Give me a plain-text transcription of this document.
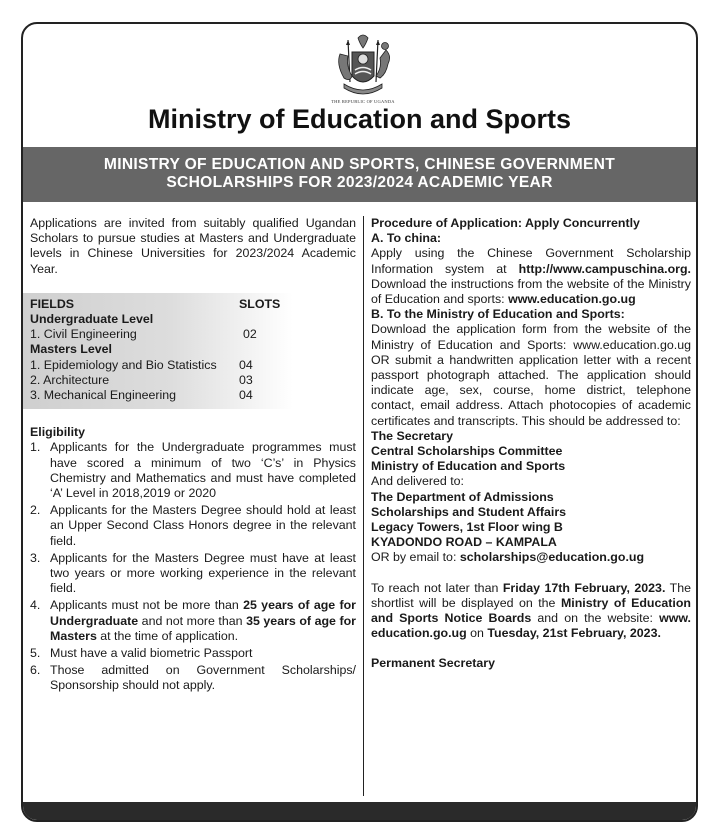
THE REPUBLIC OF UGANDA
Ministry of Education and Sports
MINISTRY OF EDUCATION AND SPORTS, CHINESE GOVERNMENT
SCHOLARSHIPS FOR 2023/2024 ACADEMIC YEAR

Applications are invited from suitably qualified Ugandan Scholars to pursue studies at Masters and Undergraduate levels in Chinese Universities for 2023/2024 Academic Year.

FIELDS	SLOTS
Undergraduate Level
1. Civil Engineering	02
Masters Level
1. Epidemiology and Bio Statistics	04
2. Architecture	03
3. Mechanical Engineering	04
Eligibility
1. Applicants for the Undergraduate programmes must have scored a minimum of two ‘C’s’ in Physics Chemistry and Mathematics and must have completed ‘A’ Level in 2018,2019 or 2020
2. Applicants for the Masters Degree should hold at least an Upper Second Class Honors degree in the relevant field.
3. Applicants for the Masters Degree must have at least two years or more working experience in the relevant field.
4. Applicants must not be more than 25 years of age for Undergraduate and not more than 35 years of age for Masters at the time of application.
5. Must have a valid biometric Passport
6. Those admitted on Government Scholarships/ Sponsorship should not apply.
Procedure of Application: Apply Concurrently
A. To china:

Apply using the Chinese Government Scholarship Information system at http://www.campuschina.org. Download the instructions from the website of the Ministry of Education and sports: www.education.go.ug

B. To the Ministry of Education and Sports:

Download the application form from the website of the Ministry of Education and Sports: www.education.go.ug OR submit a handwritten application letter with a recent passport photograph attached. The application should indicate age, sex, course, home district, telephone contact, email address. Attach photocopies of academic certificates and transcripts. This should be addressed to:

The Secretary
Central Scholarships Committee
Ministry of Education and Sports
And delivered to:
The Department of Admissions
Scholarships and Student Affairs
Legacy Towers, 1st Floor wing B
KYADONDO ROAD – KAMPALA
OR by email to: scholarships@education.go.ug

To reach not later than Friday 17th February, 2023. The shortlist will be displayed on the Ministry of Education and Sports Notice Boards and on the website: www. education.go.ug on Tuesday, 21st February, 2023.

Permanent Secretary
